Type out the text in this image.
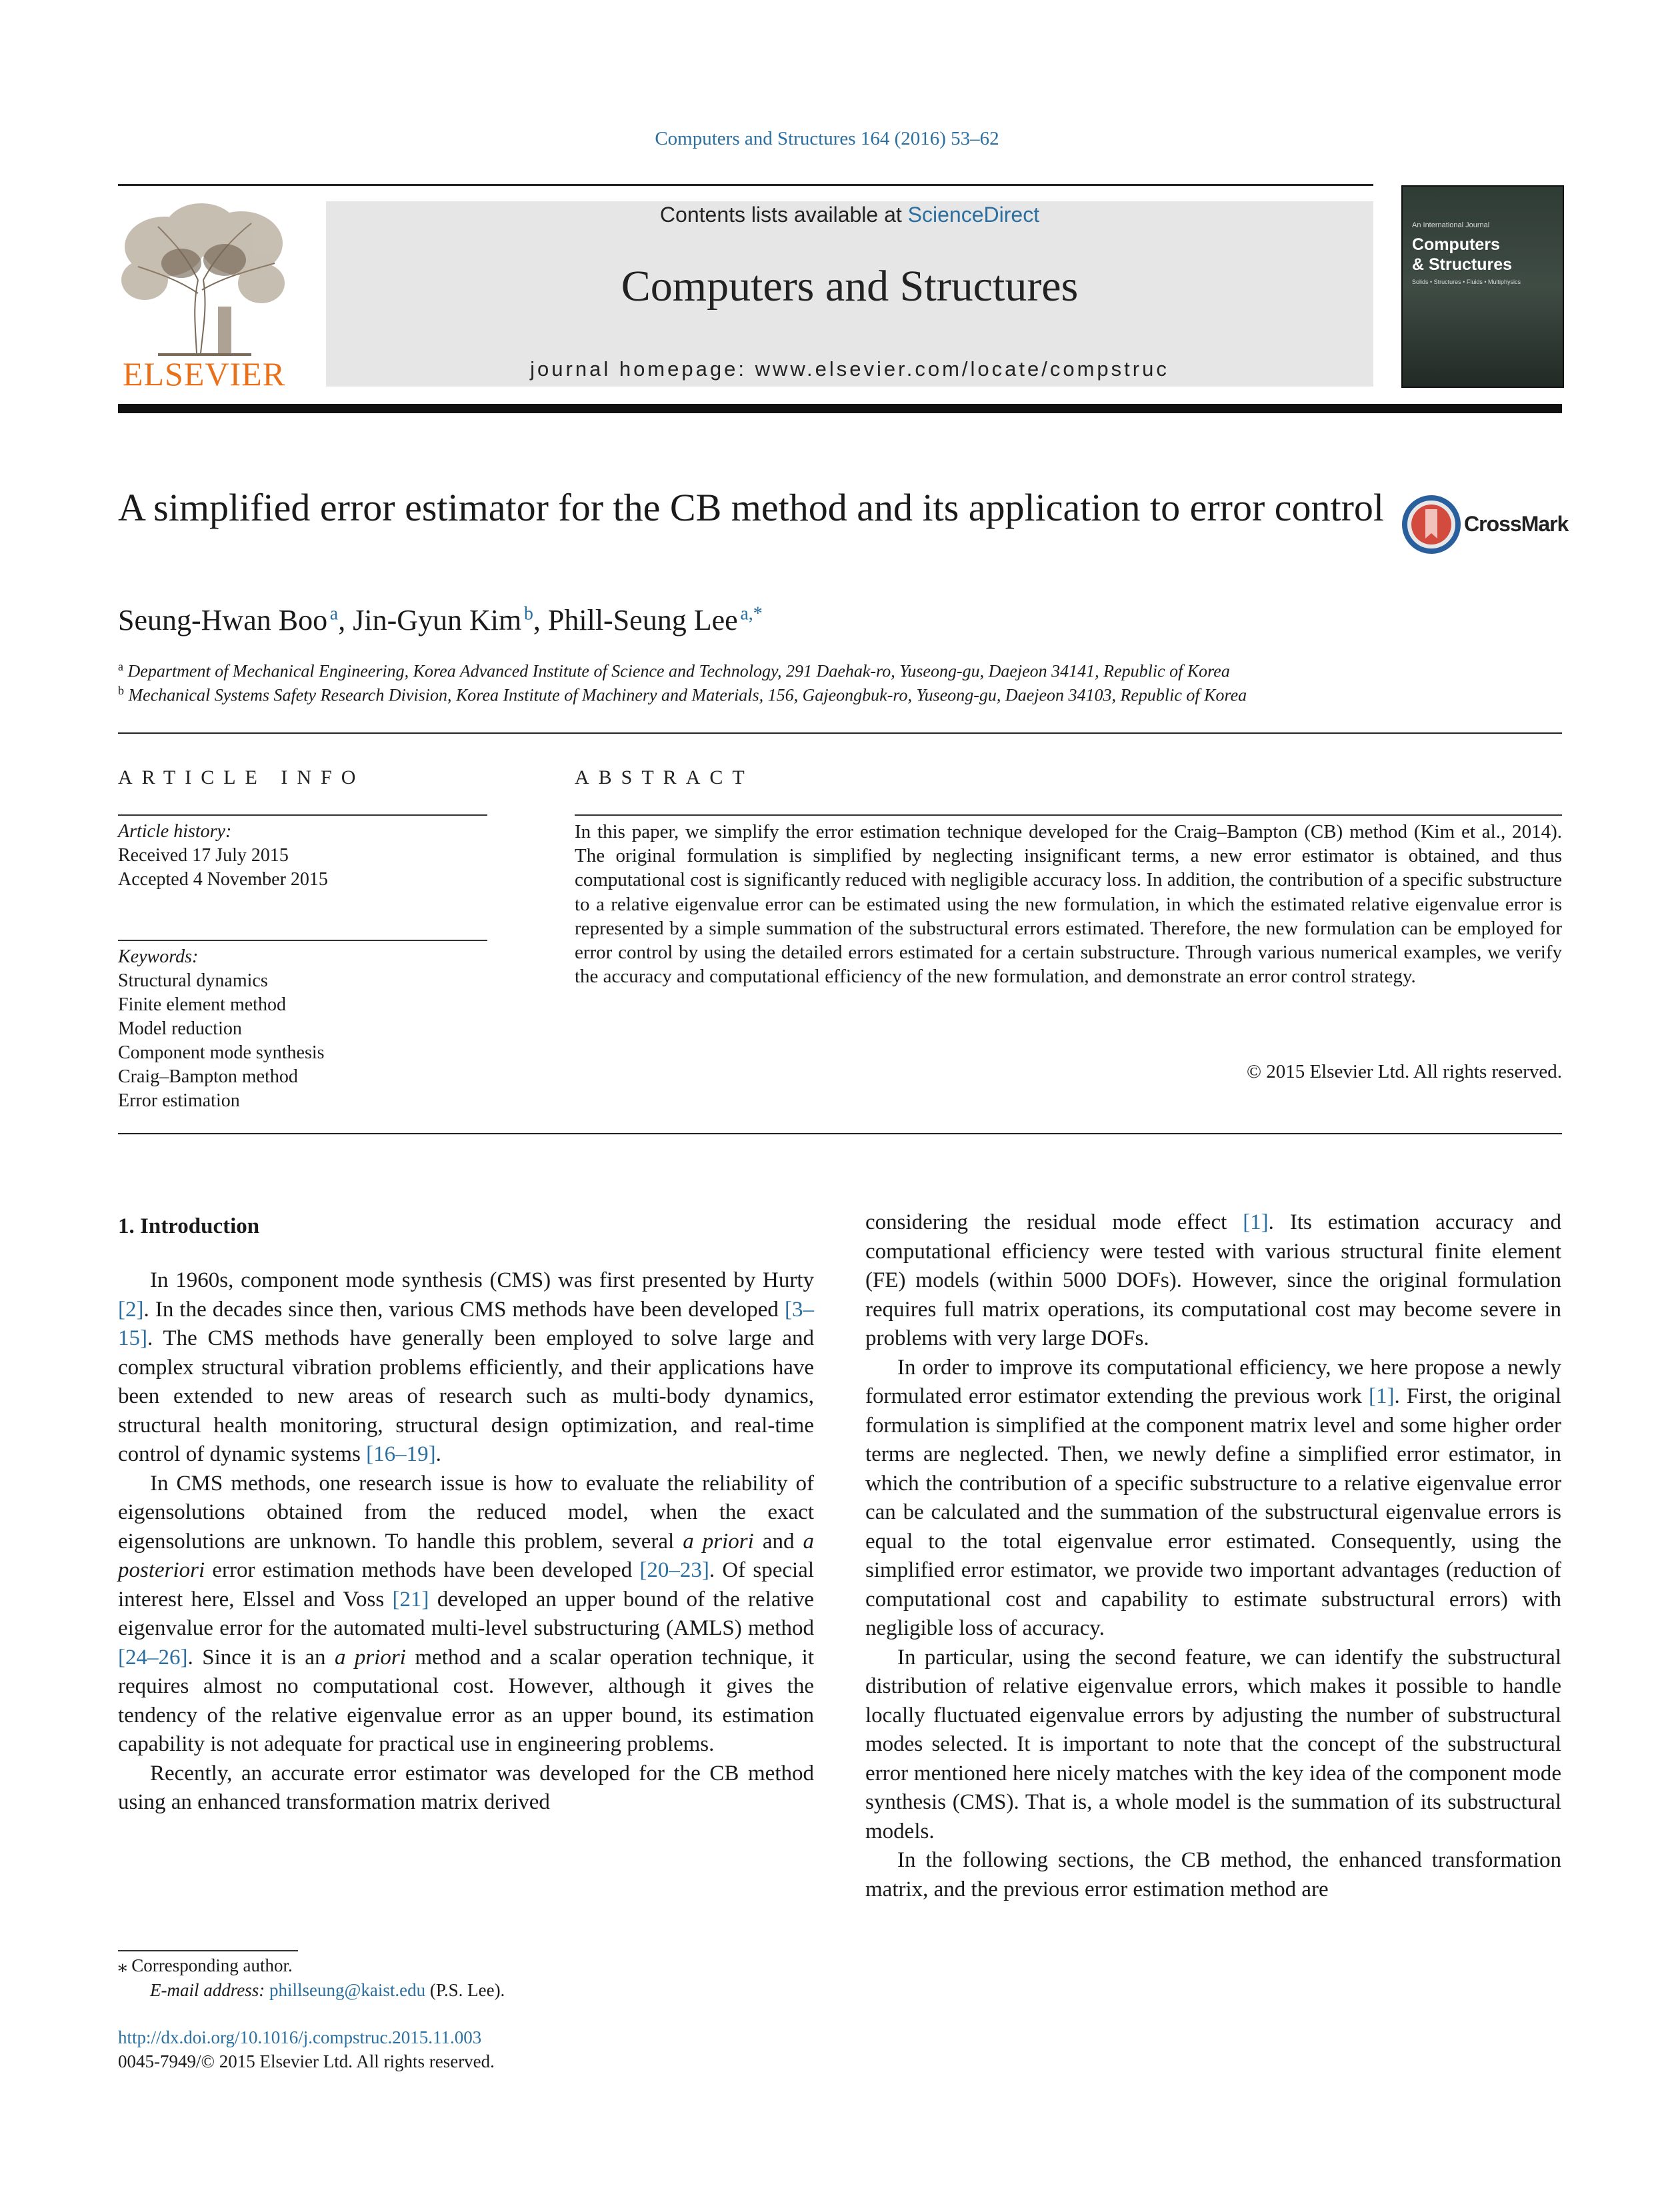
Computers and Structures 164 (2016) 53–62
ELSEVIER
Contents lists available at ScienceDirect
Computers and Structures
journal homepage: www.elsevier.com/locate/compstruc
An International Journal
Computers
& Structures
Solids • Structures • Fluids • Multiphysics
A simplified error estimator for the CB method and its application to error control	CrossMark
Seung-Hwan Boo  $^a$, Jin-Gyun Kim  $^b$, Phill-Seung Lee  $^{a,*}$
$^a$ Department of Mechanical Engineering, Korea Advanced Institute of Science and Technology, 291 Daehak-ro, Yuseong-gu, Daejeon 34141, Republic of Korea
$^b$ Mechanical Systems Safety Research Division, Korea Institute of Machinery and Materials, 156, Gajeongbuk-ro, Yuseong-gu, Daejeon 34103, Republic of Korea
ARTICLE INFO
Article history:
Received 17 July 2015
Accepted 4 November 2015
Keywords:
Structural dynamics
Finite element method
Model reduction
Component mode synthesis
Craig–Bampton method
Error estimation
ABSTRACT
In this paper, we simplify the error estimation technique developed for the Craig–Bampton (CB) method (Kim et al., 2014). The original formulation is simplified by neglecting insignificant terms, a new error estimator is obtained, and thus computational cost is significantly reduced with negligible accuracy loss. In addition, the contribution of a specific substructure to a relative eigenvalue error can be estimated using the new formulation, in which the estimated relative eigenvalue error is represented by a simple summation of the substructural errors estimated. Therefore, the new formulation can be employed for error control by using the detailed errors estimated for a certain substructure. Through various numerical examples, we verify the accuracy and computational efficiency of the new formulation, and demonstrate an error control strategy.
© 2015 Elsevier Ltd. All rights reserved.
1. Introduction

In 1960s, component mode synthesis (CMS) was first presented by Hurty [2]. In the decades since then, various CMS methods have been developed [3–15]. The CMS methods have generally been employed to solve large and complex structural vibration problems efficiently, and their applications have been extended to new areas of research such as multi-body dynamics, structural health monitoring, structural design optimization, and real-time control of dynamic systems [16–19].

In CMS methods, one research issue is how to evaluate the reliability of eigensolutions obtained from the reduced model, when the exact eigensolutions are unknown. To handle this problem, several a priori and a posteriori error estimation methods have been developed [20–23]. Of special interest here, Elssel and Voss [21] developed an upper bound of the relative eigenvalue error for the automated multi-level substructuring (AMLS) method [24–26]. Since it is an a priori method and a scalar operation technique, it requires almost no computational cost. However, although it gives the tendency of the relative eigenvalue error as an upper bound, its estimation capability is not adequate for practical use in engineering problems.

Recently, an accurate error estimator was developed for the CB method using an enhanced transformation matrix derived

considering the residual mode effect [1]. Its estimation accuracy and computational efficiency were tested with various structural finite element (FE) models (within 5000 DOFs). However, since the original formulation requires full matrix operations, its computational cost may become severe in problems with very large DOFs.

In order to improve its computational efficiency, we here propose a newly formulated error estimator extending the previous work [1]. First, the original formulation is simplified at the component matrix level and some higher order terms are neglected. Then, we newly define a simplified error estimator, in which the contribution of a specific substructure to a relative eigenvalue error can be calculated and the summation of the substructural eigenvalue errors is equal to the total eigenvalue error estimated. Consequently, using the simplified error estimator, we provide two important advantages (reduction of computational cost and capability to estimate substructural errors) with negligible loss of accuracy.

In particular, using the second feature, we can identify the substructural distribution of relative eigenvalue errors, which makes it possible to handle locally fluctuated eigenvalue errors by adjusting the number of substructural modes selected. It is important to note that the concept of the substructural error mentioned here nicely matches with the key idea of the component mode synthesis (CMS). That is, a whole model is the summation of its substructural models.

In the following sections, the CB method, the enhanced transformation matrix, and the previous error estimation method are

⁎ Corresponding author.
E-mail address: phillseung@kaist.edu (P.S. Lee).
http://dx.doi.org/10.1016/j.compstruc.2015.11.003
0045-7949/© 2015 Elsevier Ltd. All rights reserved.
